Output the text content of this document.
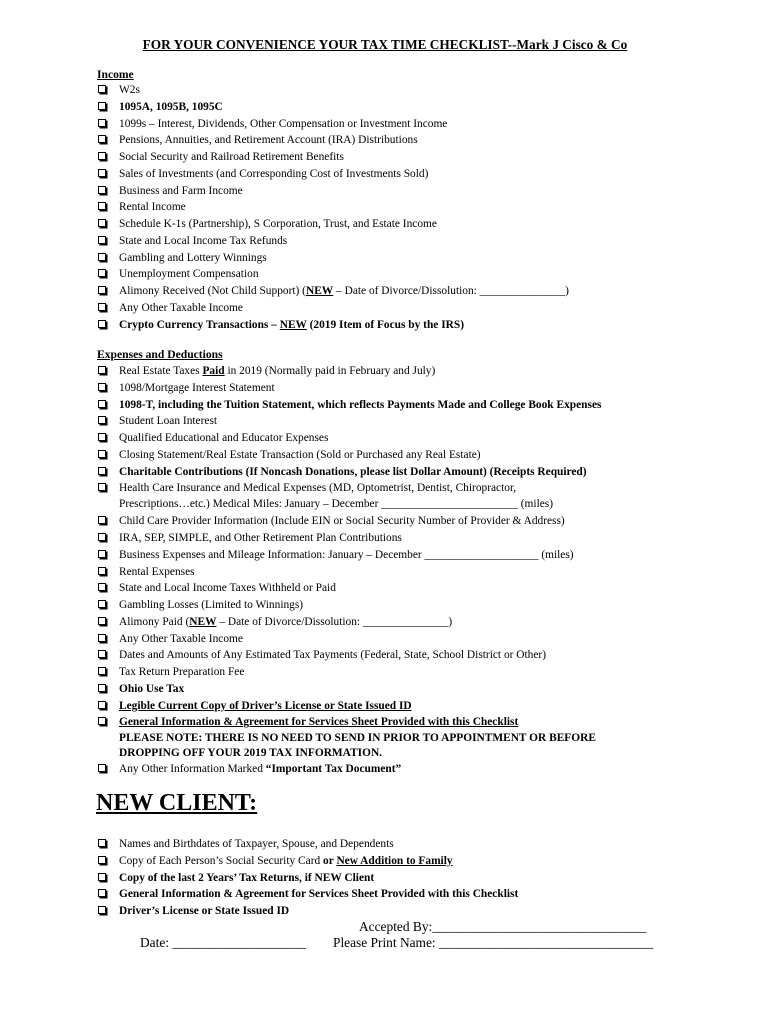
FOR YOUR CONVENIENCE YOUR TAX TIME CHECKLIST--Mark J Cisco & Co
Income
W2s
1095A, 1095B, 1095C
1099s – Interest, Dividends, Other Compensation or Investment Income
Pensions, Annuities, and Retirement Account (IRA) Distributions
Social Security and Railroad Retirement Benefits
Sales of Investments (and Corresponding Cost of Investments Sold)
Business and Farm Income
Rental Income
Schedule K-1s (Partnership), S Corporation, Trust, and Estate Income
State and Local Income Tax Refunds
Gambling and Lottery Winnings
Unemployment Compensation
Alimony Received (Not Child Support) (NEW – Date of Divorce/Dissolution: _______________)
Any Other Taxable Income
Crypto Currency Transactions – NEW (2019 Item of Focus by the IRS)
Expenses and Deductions
Real Estate Taxes Paid in 2019 (Normally paid in February and July)
1098/Mortgage Interest Statement
1098-T, including the Tuition Statement, which reflects Payments Made and College Book Expenses
Student Loan Interest
Qualified Educational and Educator Expenses
Closing Statement/Real Estate Transaction (Sold or Purchased any Real Estate)
Charitable Contributions (If Noncash Donations, please list Dollar Amount) (Receipts Required)
Health Care Insurance and Medical Expenses (MD, Optometrist, Dentist, Chiropractor,
Prescriptions…etc.) Medical Miles: January – December ________________________ (miles)
Child Care Provider Information (Include EIN or Social Security Number of Provider & Address)
IRA, SEP, SIMPLE, and Other Retirement Plan Contributions
Business Expenses and Mileage Information: January – December ____________________ (miles)
Rental Expenses
State and Local Income Taxes Withheld or Paid
Gambling Losses (Limited to Winnings)
Alimony Paid (NEW – Date of Divorce/Dissolution: _______________)
Any Other Taxable Income
Dates and Amounts of Any Estimated Tax Payments (Federal, State, School District or Other)
Tax Return Preparation Fee
Ohio Use Tax
Legible Current Copy of Driver’s License or State Issued ID
General Information & Agreement for Services Sheet Provided with this Checklist
PLEASE NOTE: THERE IS NO NEED TO SEND IN PRIOR TO APPOINTMENT OR BEFORE DROPPING OFF YOUR 2019 TAX INFORMATION.
Any Other Information Marked “Important Tax Document”
NEW CLIENT:
Names and Birthdates of Taxpayer, Spouse, and Dependents
Copy of Each Person’s Social Security Card or New Addition to Family
Copy of the last 2 Years’ Tax Returns, if NEW Client
General Information & Agreement for Services Sheet Provided with this Checklist
Driver’s License or State Issued ID
Accepted By:________________________________
Date: ____________________ Please Print Name: ________________________________
